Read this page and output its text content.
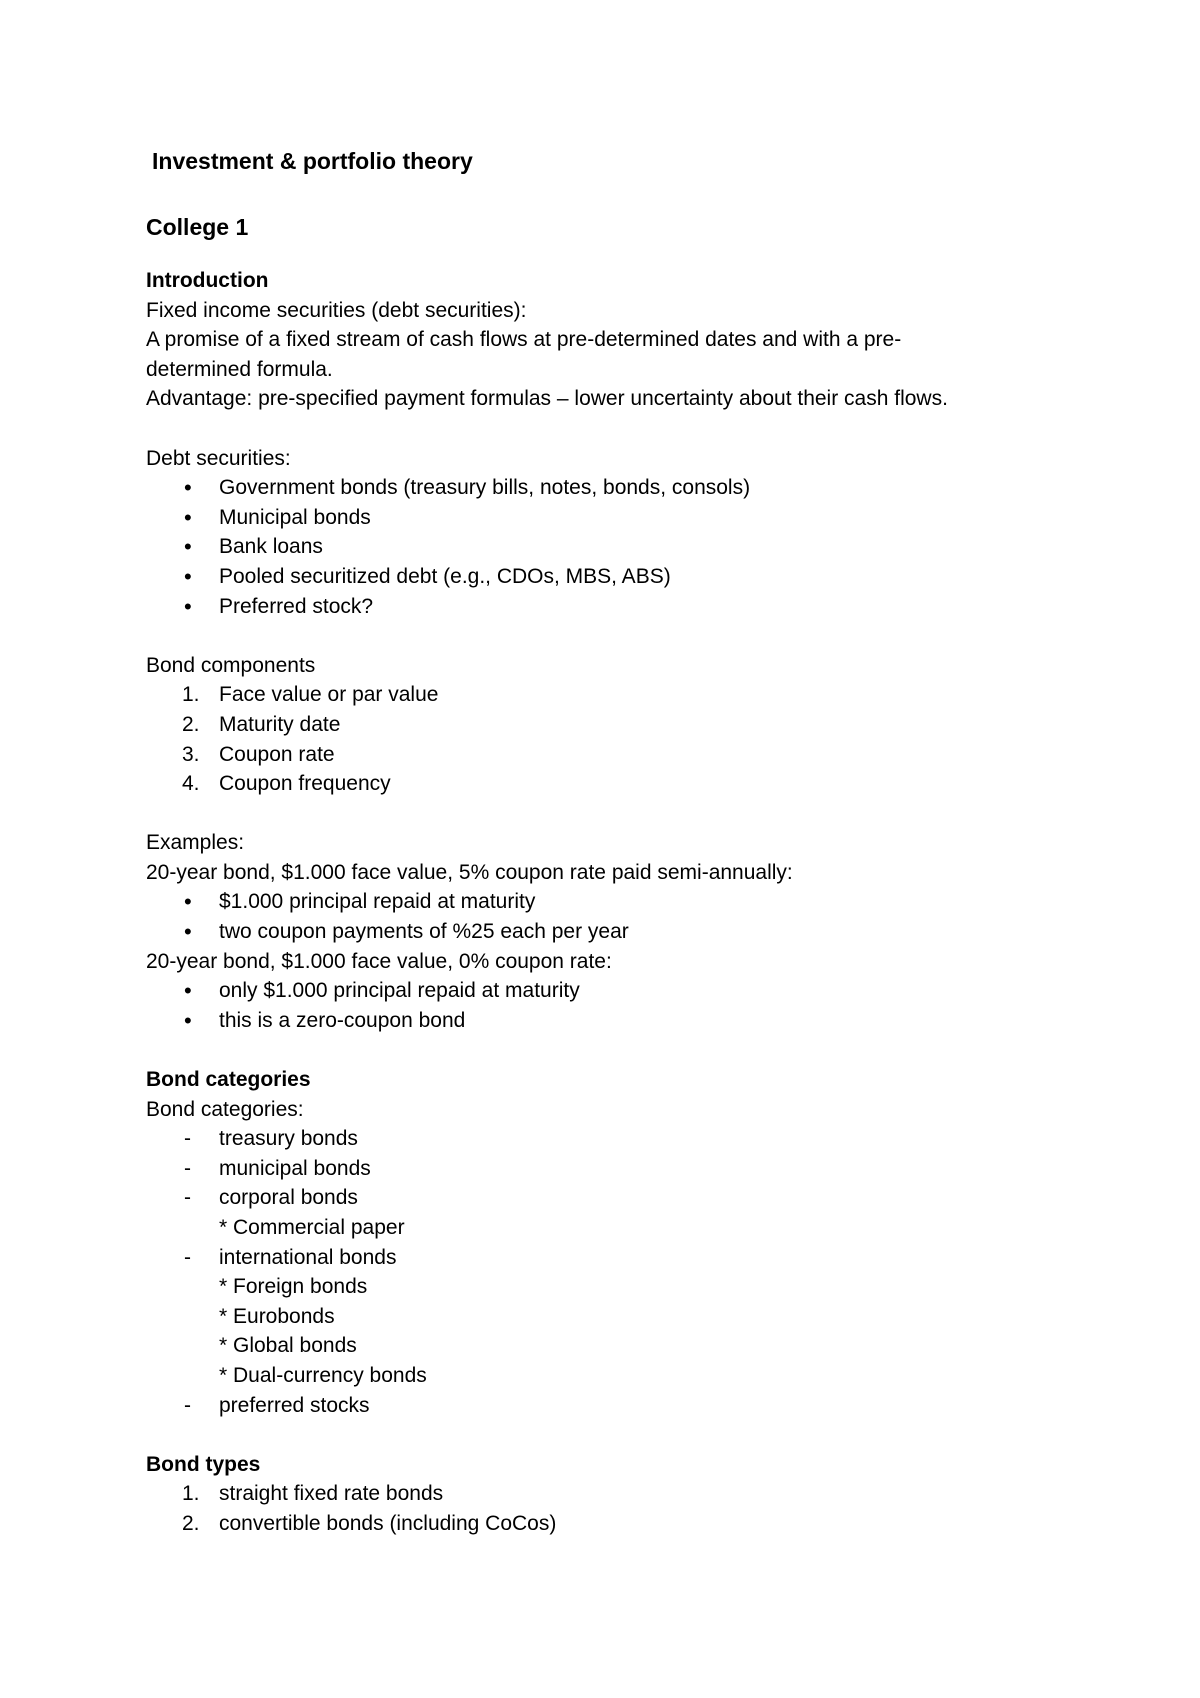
Investment & portfolio theory
College 1

Introduction

Fixed income securities (debt securities):

A promise of a fixed stream of cash flows at pre-determined dates and with a pre-

determined formula.

Advantage: pre-specified payment formulas – lower uncertainty about their cash flows.

Debt securities:

• Government bonds (treasury bills, notes, bonds, consols)
• Municipal bonds
• Bank loans
• Pooled securitized debt (e.g., CDOs, MBS, ABS)
• Preferred stock?

Bond components

1. Face value or par value
2. Maturity date
3. Coupon rate
4. Coupon frequency

Examples:

20-year bond, $1.000 face value, 5% coupon rate paid semi-annually:

• $1.000 principal repaid at maturity
• two coupon payments of %25 each per year

20-year bond, $1.000 face value, 0% coupon rate:

• only $1.000 principal repaid at maturity
• this is a zero-coupon bond

Bond categories

Bond categories:

- treasury bonds
- municipal bonds
- corporal bonds
* Commercial paper
- international bonds
* Foreign bonds
* Eurobonds
* Global bonds
* Dual-currency bonds
- preferred stocks

Bond types

1. straight fixed rate bonds
2. convertible bonds (including CoCos)
